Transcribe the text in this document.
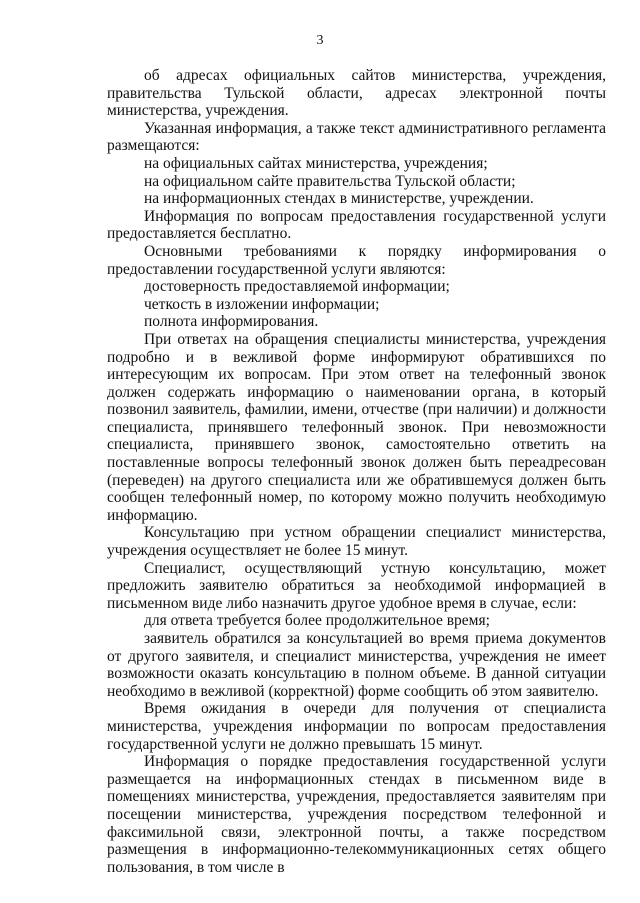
3

об адресах официальных сайтов министерства, учреждения, правительства Тульской области, адресах электронной почты министерства, учреждения.

Указанная информация, а также текст административного регламента размещаются:

на официальных сайтах министерства, учреждения;

на официальном сайте правительства Тульской области;

на информационных стендах в министерстве, учреждении.

Информация по вопросам предоставления государственной услуги предоставляется бесплатно.

Основными требованиями к порядку информирования о предоставлении государственной услуги являются:

достоверность предоставляемой информации;

четкость в изложении информации;

полнота информирования.

При ответах на обращения специалисты министерства, учреждения подробно и в вежливой форме информируют обратившихся по интересующим их вопросам. При этом ответ на телефонный звонок должен содержать информацию о наименовании органа, в который позвонил заявитель, фамилии, имени, отчестве (при наличии) и должности специалиста, принявшего телефонный звонок. При невозможности специалиста, принявшего звонок, самостоятельно ответить на поставленные вопросы телефонный звонок должен быть переадресован (переведен) на другого специалиста или же обратившемуся должен быть сообщен телефонный номер, по которому можно получить необходимую информацию.

Консультацию при устном обращении специалист министерства, учреждения осуществляет не более 15 минут.

Специалист, осуществляющий устную консультацию, может предложить заявителю обратиться за необходимой информацией в письменном виде либо назначить другое удобное время в случае, если:

для ответа требуется более продолжительное время;

заявитель обратился за консультацией во время приема документов от другого заявителя, и специалист министерства, учреждения не имеет возможности оказать консультацию в полном объеме. В данной ситуации необходимо в вежливой (корректной) форме сообщить об этом заявителю.

Время ожидания в очереди для получения от специалиста министерства, учреждения информации по вопросам предоставления государственной услуги не должно превышать 15 минут.

Информация о порядке предоставления государственной услуги размещается на информационных стендах в письменном виде в помещениях министерства, учреждения, предоставляется заявителям при посещении министерства, учреждения посредством телефонной и факсимильной связи, электронной почты, а также посредством размещения в информационно-телекоммуникационных сетях общего пользования, в том числе в
